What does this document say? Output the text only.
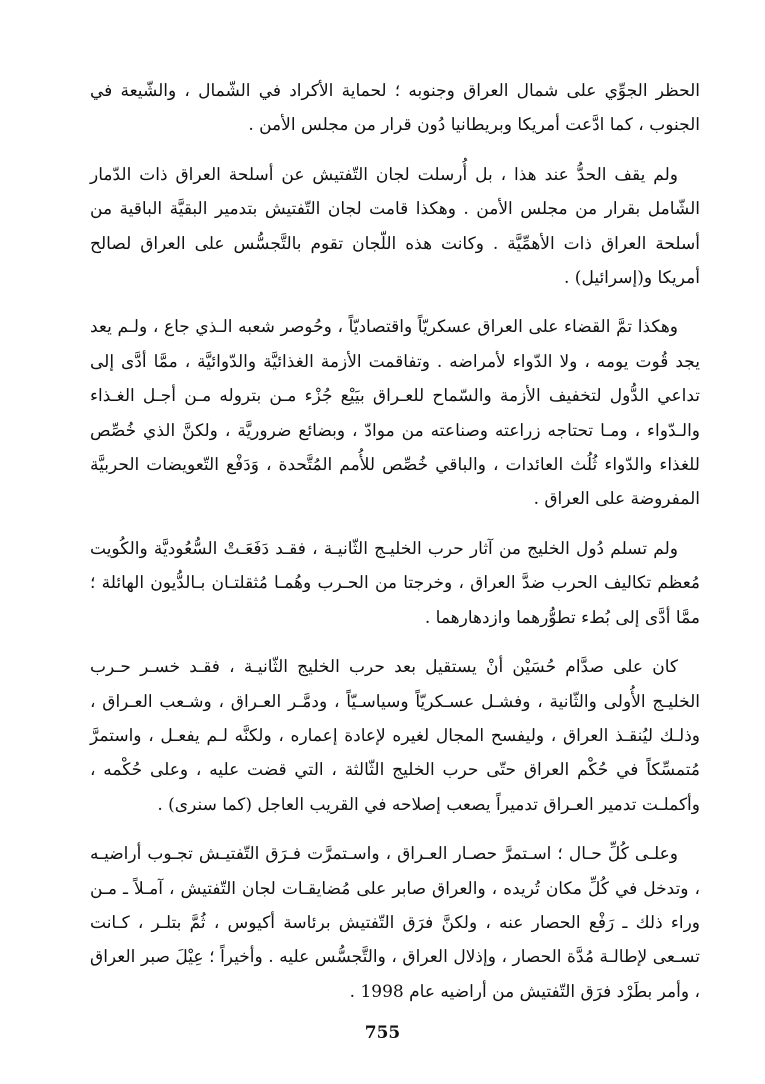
الحظر الجوِّي على شمال العراق وجنوبه ؛ لحماية الأكراد في الشّمال ، والشّيعة في الجنوب ، كما ادَّعت أمريكا وبريطانيا دُون قرار من مجلس الأمن .

ولم يقف الحدُّ عند هذا ، بل أُرسلت لجان التّفتيش عن أسلحة العراق ذات الدّمار الشّامل بقرار من مجلس الأمن . وهكذا قامت لجان التّفتيش بتدمير البقيَّة الباقية من أسلحة العراق ذات الأهمِّيَّة . وكانت هذه اللّجان تقوم بالتَّجسُّس على العراق لصالح أمريكا و(إسرائيل) .

وهكذا تمَّ القضاء على العراق عسكريّاً واقتصاديّاً ، وحُوصر شعبه الـذي جاع ، ولـم يعد يجد قُوت يومه ، ولا الدّواء لأمراضه . وتفاقمت الأزمة الغذائيَّة والدّوائيَّة ، ممَّا أدَّى إلى تداعي الدُّول لتخفيف الأزمة والسّماح للعـراق بيَيْع جُزْء مـن بتروله مـن أجـل الغـذاء والـدّواء ، ومـا تحتاجه زراعته وصناعته من موادّ ، وبضائع ضروريَّة ، ولكنَّ الذي خُصِّص للغذاء والدّواء ثُلُث العائدات ، والباقي خُصِّص للأُمم المُتَّحدة ، وَدَفْع التّعويضات الحربيَّة المفروضة على العراق .

ولم تسلم دُول الخليج من آثار حرب الخليـج الثّانيـة ، فقـد دَفَعَـتْ السُّعُوديَّة والكُويت مُعظم تكاليف الحرب ضدَّ العراق ، وخرجتا من الحـرب وهُمـا مُثقلتـان بـالدُّيون الهائلة ؛ ممَّا أدَّى إلى بُطء تطوُّرهما وازدهارهما .

كان على صدَّام حُسَيْن أنْ يستقيل بعد حرب الخليج الثّانيـة ، فقـد خسـر حـرب الخليـج الأُولى والثّانية ، وفشـل عسـكريّاً وسياسـيّاً ، ودمَّـر العـراق ، وشـعب العـراق ، وذلـك ليُنقـذ العراق ، وليفسح المجال لغيره لإعادة إعماره ، ولكنَّه لـم يفعـل ، واستمرَّ مُتمسِّكاً في حُكْم العراق حتّى حرب الخليج الثّالثة ، التي قضت عليه ، وعلى حُكْمه ، وأكملـت تدمير العـراق تدميراً يصعب إصلاحه في القريب العاجل (كما سنرى) .

وعلـى كُلِّ حـال ؛ اسـتمرَّ حصـار العـراق ، واسـتمرَّت فـرَق التّفتيـش تجـوب أراضيـه ، وتدخل في كُلِّ مكان تُريده ، والعراق صابر على مُضايقـات لجان التّفتيش ، آمـلاً ـ مـن وراء ذلك ـ رَفْع الحصار عنه ، ولكنَّ فرَق التّفتيش برئاسة أكيوس ، ثُمَّ بتلـر ، كـانت تسـعى لإطالـة مُدَّة الحصار ، وإذلال العراق ، والتَّجسُّس عليه . وأخيراً ؛ عِيْلَ صبر العراق ، وأمر بطَرْد فرَق التّفتيش من أراضيه عام 1998 .

755
